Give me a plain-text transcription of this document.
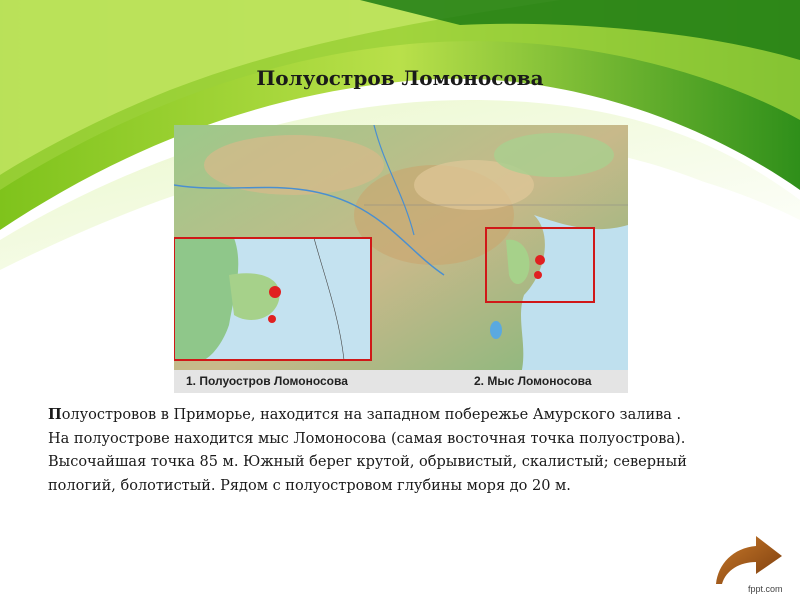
Полуостров Ломоносова
1. Полуостров Ломоносова	2. Мыс Ломоносова
Полуостровов в Приморье, находится на западном побережье Амурского залива .
На полуострове находится мыс Ломоносова (самая восточная точка полуострова).
Высочайшая точка 85 м. Южный берег крутой, обрывистый, скалистый; северный
пологий, болотистый. Рядом с полуостровом глубины моря до 20 м.
fppt.com
